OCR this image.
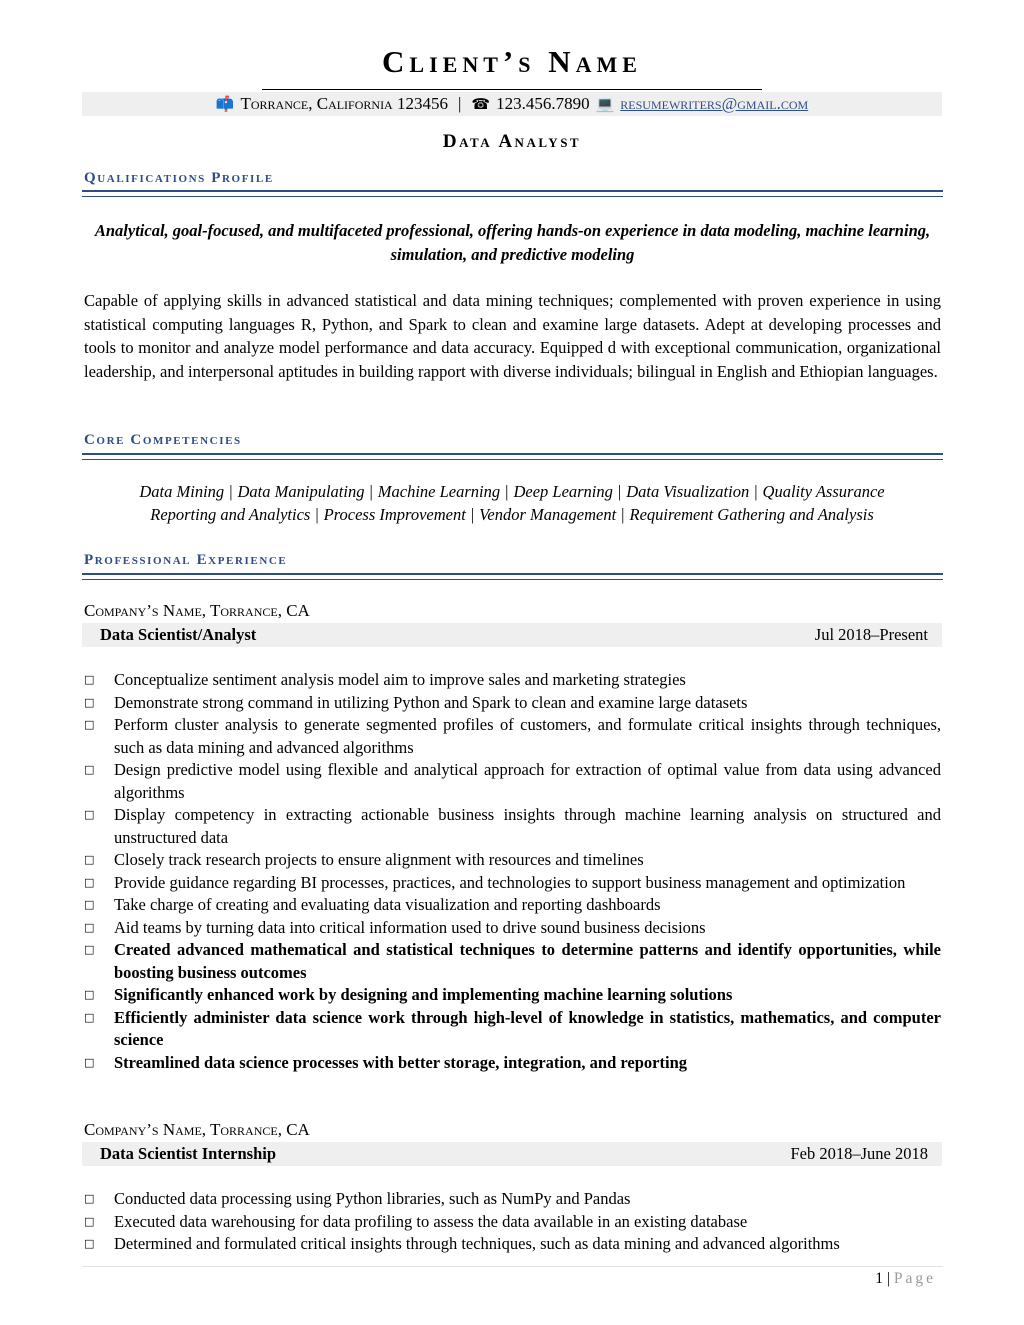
Client’s Name
📫 Torrance, California 123456 | ☎ 123.456.7890 💻 resumewriters@gmail.com
Data Analyst
Qualifications Profile
Analytical, goal-focused, and multifaceted professional, offering hands-on experience in data modeling, machine learning, simulation, and predictive modeling
Capable of applying skills in advanced statistical and data mining techniques; complemented with proven experience in using statistical computing languages R, Python, and Spark to clean and examine large datasets. Adept at developing processes and tools to monitor and analyze model performance and data accuracy. Equipped d with exceptional communication, organizational leadership, and interpersonal aptitudes in building rapport with diverse individuals; bilingual in English and Ethiopian languages.
Core Competencies
Data Mining | Data Manipulating | Machine Learning | Deep Learning | Data Visualization | Quality Assurance
Reporting and Analytics | Process Improvement | Vendor Management | Requirement Gathering and Analysis
Professional Experience
Company’s Name, Torrance, CA
Data Scientist/Analyst	Jul 2018–Present
□ Conceptualize sentiment analysis model aim to improve sales and marketing strategies
□ Demonstrate strong command in utilizing Python and Spark to clean and examine large datasets
□ Perform cluster analysis to generate segmented profiles of customers, and formulate critical insights through techniques, such as data mining and advanced algorithms
□ Design predictive model using flexible and analytical approach for extraction of optimal value from data using advanced algorithms
□ Display competency in extracting actionable business insights through machine learning analysis on structured and unstructured data
□ Closely track research projects to ensure alignment with resources and timelines
□ Provide guidance regarding BI processes, practices, and technologies to support business management and optimization
□ Take charge of creating and evaluating data visualization and reporting dashboards
□ Aid teams by turning data into critical information used to drive sound business decisions
□ Created advanced mathematical and statistical techniques to determine patterns and identify opportunities, while boosting business outcomes
□ Significantly enhanced work by designing and implementing machine learning solutions
□ Efficiently administer data science work through high-level of knowledge in statistics, mathematics, and computer science
□ Streamlined data science processes with better storage, integration, and reporting
Company’s Name, Torrance, CA
Data Scientist Internship	Feb 2018–June 2018
□ Conducted data processing using Python libraries, such as NumPy and Pandas
□ Executed data warehousing for data profiling to assess the data available in an existing database
□ Determined and formulated critical insights through techniques, such as data mining and advanced algorithms
1 | Page
